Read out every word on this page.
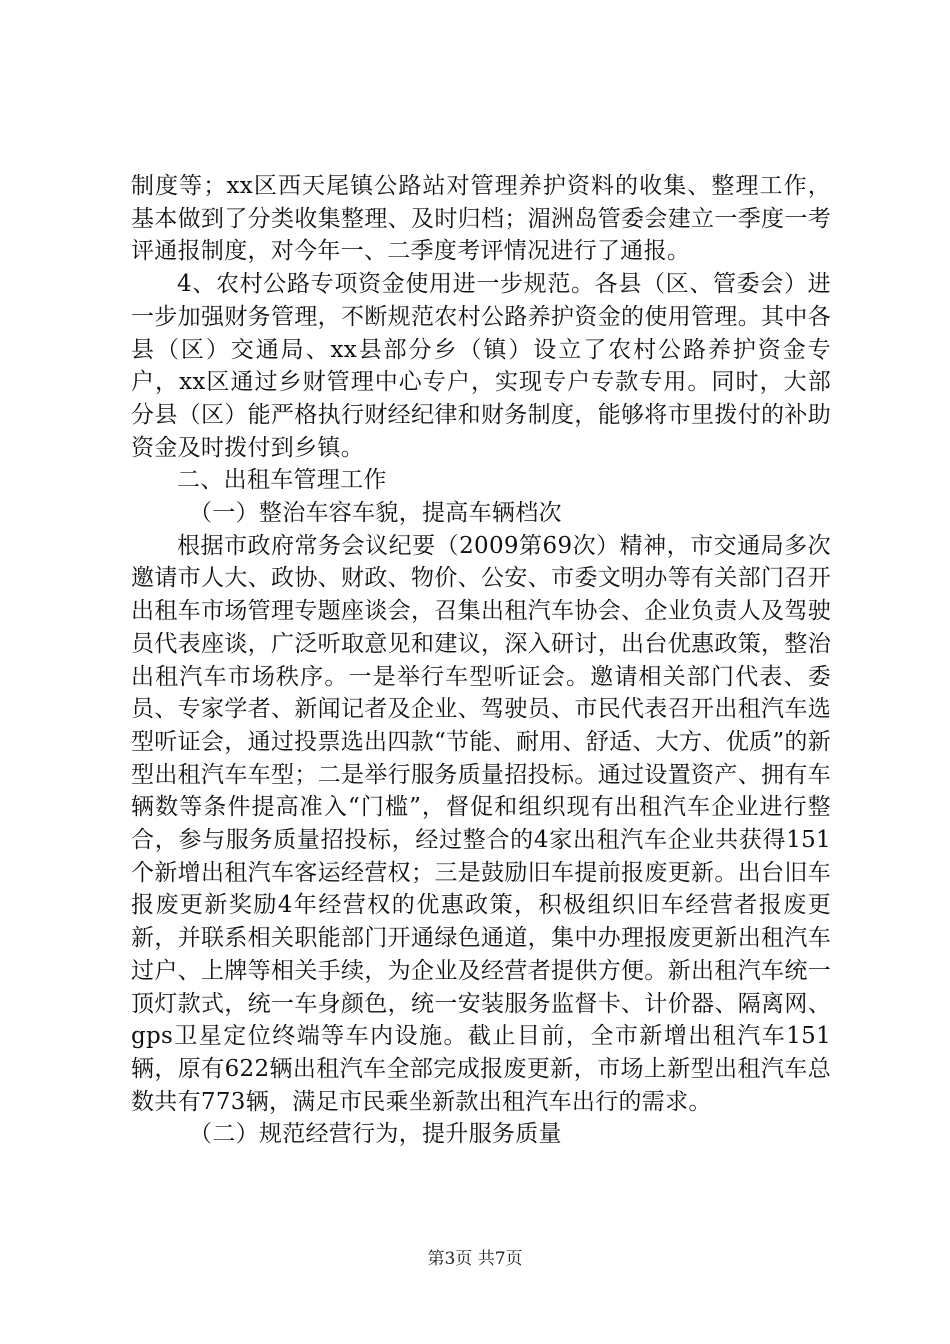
制度等；xx区西天尾镇公路站对管理养护资料的收集、整理工作，基本做到了分类收集整理、及时归档；湄洲岛管委会建立一季度一考评通报制度，对今年一、二季度考评情况进行了通报。

4、农村公路专项资金使用进一步规范。各县（区、管委会）进一步加强财务管理，不断规范农村公路养护资金的使用管理。其中各县（区）交通局、xx县部分乡（镇）设立了农村公路养护资金专户，xx区通过乡财管理中心专户，实现专户专款专用。同时，大部分县（区）能严格执行财经纪律和财务制度，能够将市里拨付的补助资金及时拨付到乡镇。

二、出租车管理工作

（一）整治车容车貌，提高车辆档次

根据市政府常务会议纪要（2009第69次）精神，市交通局多次邀请市人大、政协、财政、物价、公安、市委文明办等有关部门召开出租车市场管理专题座谈会，召集出租汽车协会、企业负责人及驾驶员代表座谈，广泛听取意见和建议，深入研讨，出台优惠政策，整治出租汽车市场秩序。一是举行车型听证会。邀请相关部门代表、委员、专家学者、新闻记者及企业、驾驶员、市民代表召开出租汽车选型听证会，通过投票选出四款“节能、耐用、舒适、大方、优质”的新型出租汽车车型；二是举行服务质量招投标。通过设置资产、拥有车辆数等条件提高准入“门槛”，督促和组织现有出租汽车企业进行整合，参与服务质量招投标，经过整合的4家出租汽车企业共获得151个新增出租汽车客运经营权；三是鼓励旧车提前报废更新。出台旧车报废更新奖励4年经营权的优惠政策，积极组织旧车经营者报废更新，并联系相关职能部门开通绿色通道，集中办理报废更新出租汽车过户、上牌等相关手续，为企业及经营者提供方便。新出租汽车统一顶灯款式，统一车身颜色，统一安装服务监督卡、计价器、隔离网、gps卫星定位终端等车内设施。截止目前，全市新增出租汽车151辆，原有622辆出租汽车全部完成报废更新，市场上新型出租汽车总数共有773辆，满足市民乘坐新款出租汽车出行的需求。

（二）规范经营行为，提升服务质量

第3页 共7页
